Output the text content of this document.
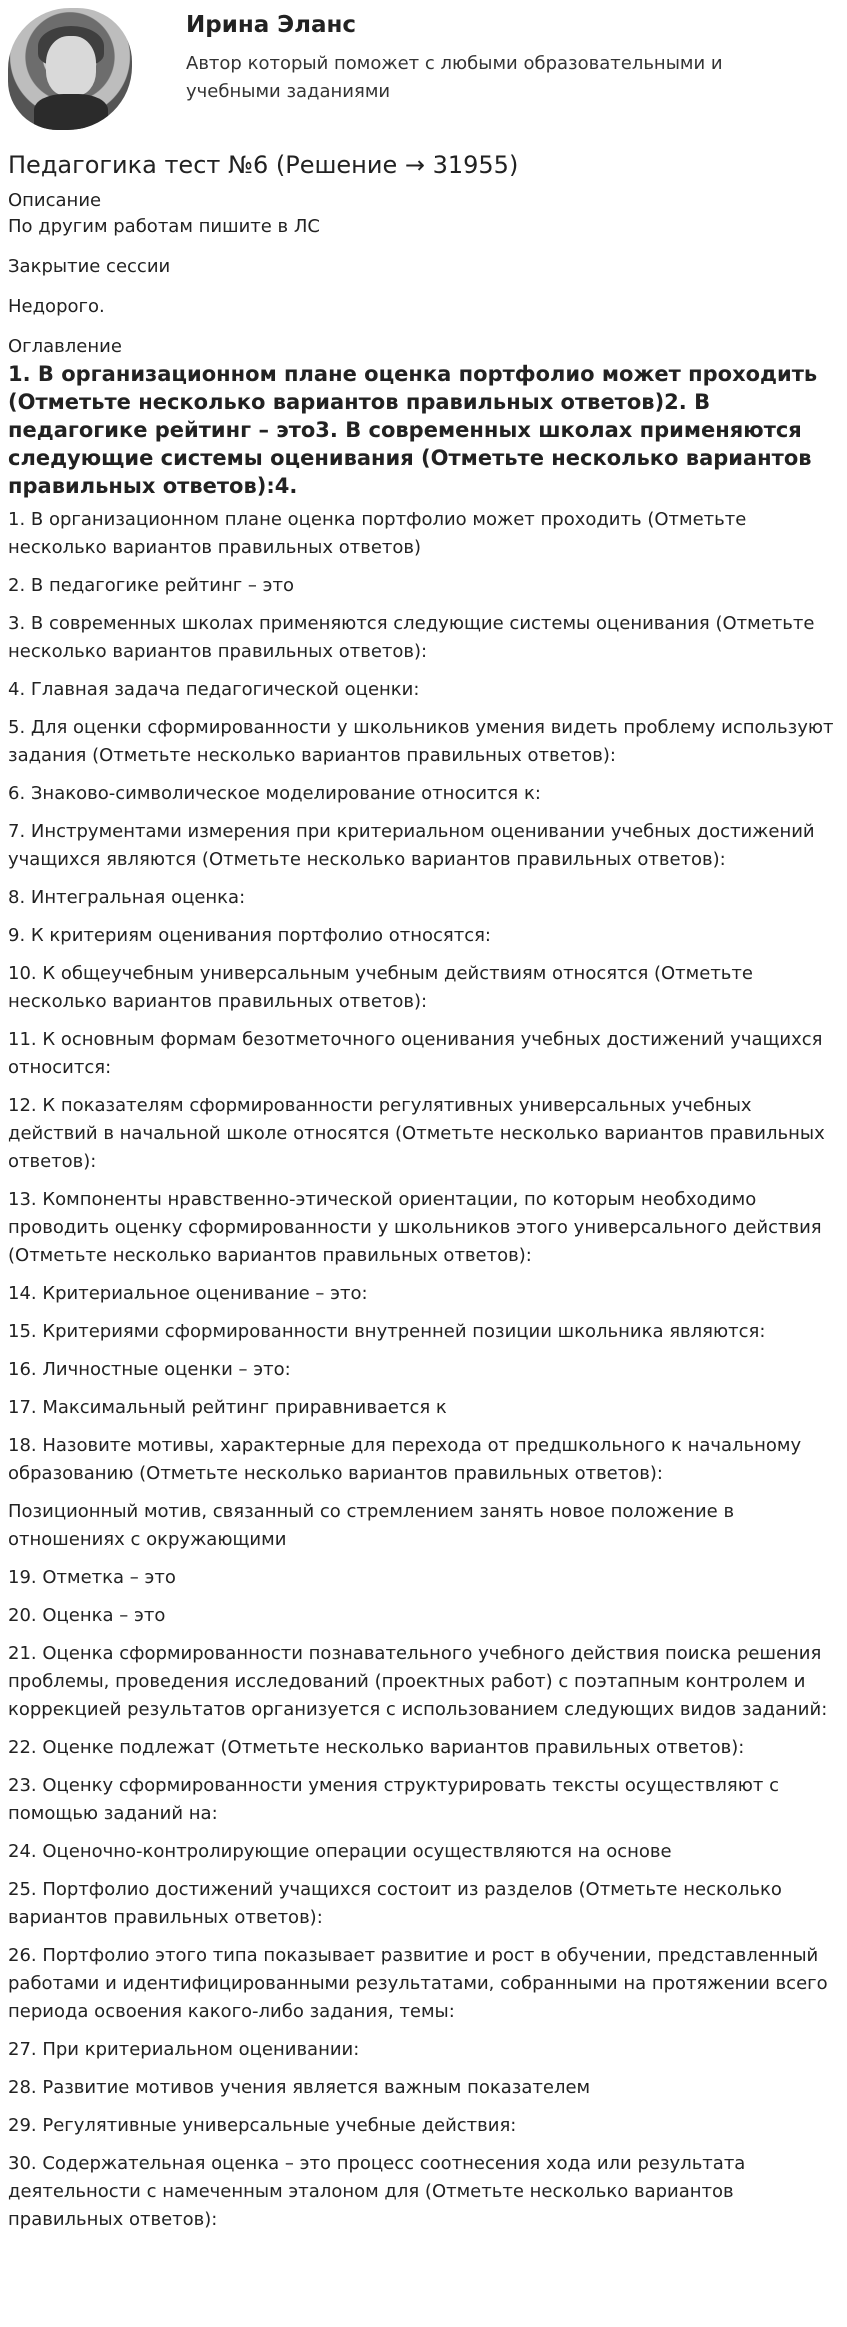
Ирина Эланс
Автор который поможет с любыми образовательными и учебными заданиями
Педагогика тест №6 (Решение → 31955)

Описание

По другим работам пишите в ЛС

Закрытие сессии

Недорого.

Оглавление

1. В организационном плане оценка портфолио может проходить (Отметьте несколько вариантов правильных ответов)2. В педагогике рейтинг – это3. В современных школах применяются следующие системы оценивания (Отметьте несколько вариантов правильных ответов):4.

1. В организационном плане оценка портфолио может проходить (Отметьте несколько вариантов правильных ответов)

2. В педагогике рейтинг – это

3. В современных школах применяются следующие системы оценивания (Отметьте несколько вариантов правильных ответов):

4. Главная задача педагогической оценки:

5. Для оценки сформированности у школьников умения видеть проблему используют задания (Отметьте несколько вариантов правильных ответов):

6. Знаково-символическое моделирование относится к:

7. Инструментами измерения при критериальном оценивании учебных достижений учащихся являются (Отметьте несколько вариантов правильных ответов):

8. Интегральная оценка:

9. К критериям оценивания портфолио относятся:

10. К общеучебным универсальным учебным действиям относятся (Отметьте несколько вариантов правильных ответов):

11. К основным формам безотметочного оценивания учебных достижений учащихся относится:

12. К показателям сформированности регулятивных универсальных учебных действий в начальной школе относятся (Отметьте несколько вариантов правильных ответов):

13. Компоненты нравственно-этической ориентации, по которым необходимо проводить оценку сформированности у школьников этого универсального действия (Отметьте несколько вариантов правильных ответов):

14. Критериальное оценивание – это:

15. Критериями сформированности внутренней позиции школьника являются:

16. Личностные оценки – это:

17. Максимальный рейтинг приравнивается к

18. Назовите мотивы, характерные для перехода от предшкольного к начальному образованию (Отметьте несколько вариантов правильных ответов):

Позиционный мотив, связанный со стремлением занять новое положение в отношениях с окружающими

19. Отметка – это

20. Оценка – это

21. Оценка сформированности познавательного учебного действия поиска решения проблемы, проведения исследований (проектных работ) с поэтапным контролем и коррекцией результатов организуется с использованием следующих видов заданий:

22. Оценке подлежат (Отметьте несколько вариантов правильных ответов):

23. Оценку сформированности умения структурировать тексты осуществляют с помощью заданий на:

24. Оценочно-контролирующие операции осуществляются на основе

25. Портфолио достижений учащихся состоит из разделов (Отметьте несколько вариантов правильных ответов):

26. Портфолио этого типа показывает развитие и рост в обучении, представленный работами и идентифицированными результатами, собранными на протяжении всего периода освоения какого-либо задания, темы:

27. При критериальном оценивании:

28. Развитие мотивов учения является важным показателем

29. Регулятивные универсальные учебные действия:

30. Содержательная оценка – это процесс соотнесения хода или результата деятельности с намеченным эталоном для (Отметьте несколько вариантов правильных ответов):
